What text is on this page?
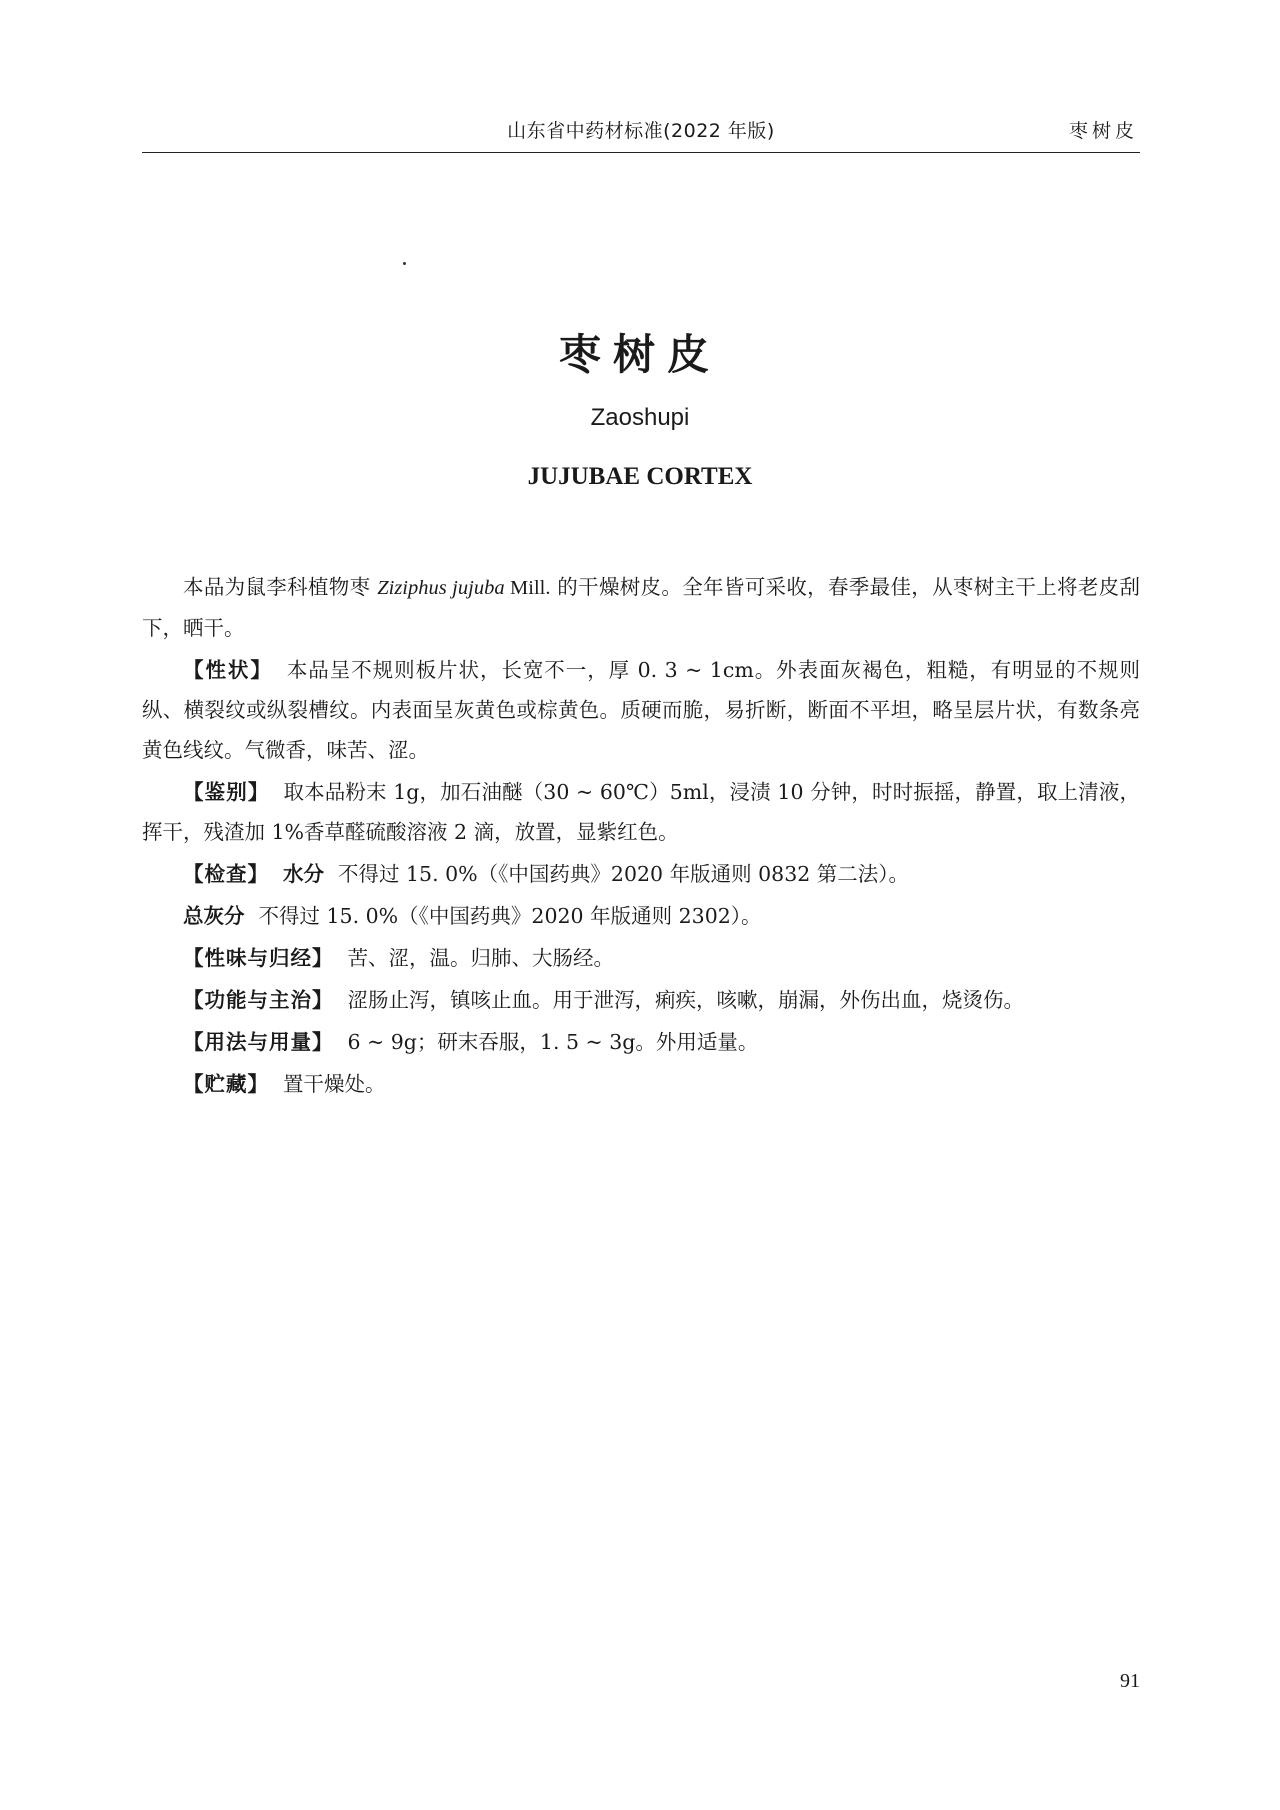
山东省中药材标准(2022 年版)	枣树皮
枣树皮
Zaoshupi
JUJUBAE CORTEX

本品为鼠李科植物枣 Ziziphus jujuba Mill. 的干燥树皮。全年皆可采收，春季最佳，从枣树主干上将老皮刮下，晒干。

【性状】 本品呈不规则板片状，长宽不一，厚 0. 3 ~ 1cm。外表面灰褐色，粗糙，有明显的不规则纵、横裂纹或纵裂槽纹。内表面呈灰黄色或棕黄色。质硬而脆，易折断，断面不平坦，略呈层片状，有数条亮黄色线纹。气微香，味苦、涩。

【鉴别】 取本品粉末 1g，加石油醚（30 ~ 60℃）5ml，浸渍 10 分钟，时时振摇，静置，取上清液，挥干，残渣加 1%香草醛硫酸溶液 2 滴，放置，显紫红色。

【检查】 水分 不得过 15. 0%（《中国药典》2020 年版通则 0832 第二法）。

总灰分 不得过 15. 0%（《中国药典》2020 年版通则 2302）。

【性味与归经】 苦、涩，温。归肺、大肠经。

【功能与主治】 涩肠止泻，镇咳止血。用于泄泻，痢疾，咳嗽，崩漏，外伤出血，烧烫伤。

【用法与用量】 6 ~ 9g；研末吞服，1. 5 ~ 3g。外用适量。

【贮藏】 置干燥处。

91
